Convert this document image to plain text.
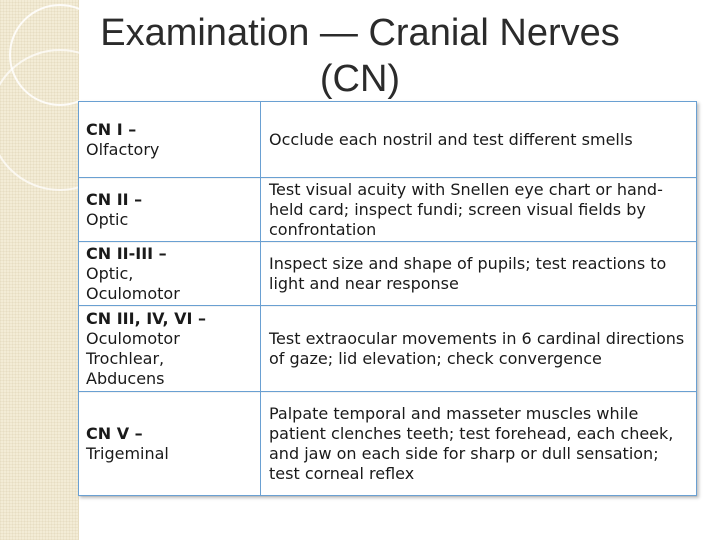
Examination — Cranial Nerves
(CN)
CN I –
Olfactory	Occlude each nostril and test different smells
CN II –
Optic	Test visual acuity with Snellen eye chart or hand-held card; inspect fundi; screen visual fields by confrontation
CN II-III –
Optic,
Oculomotor	Inspect size and shape of pupils; test reactions to light and near response
CN III, IV, VI –
Oculomotor
Trochlear,
Abducens	Test extraocular movements in 6 cardinal directions of gaze; lid elevation; check convergence
CN V –
Trigeminal	Palpate temporal and masseter muscles while patient clenches teeth; test forehead, each cheek, and jaw on each side for sharp or dull sensation; test corneal reflex
